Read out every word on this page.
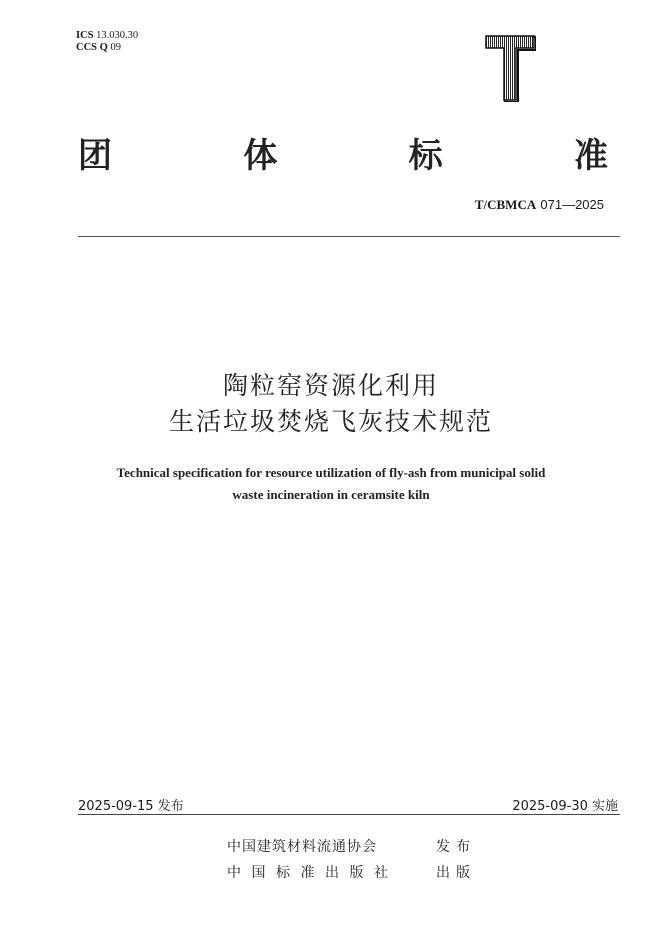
ICS 13.030.30
CCS Q 09
团	体	标	准
T/CBMCA 071—2025
陶粒窑资源化利用
生活垃圾焚烧飞灰技术规范
Technical specification for resource utilization of fly-ash from municipal solid
waste incineration in ceramsite kiln
2025-09-15 发布	2025-09-30 实施
中国建筑材料流通协会	发布
中国标准出版社	出版
